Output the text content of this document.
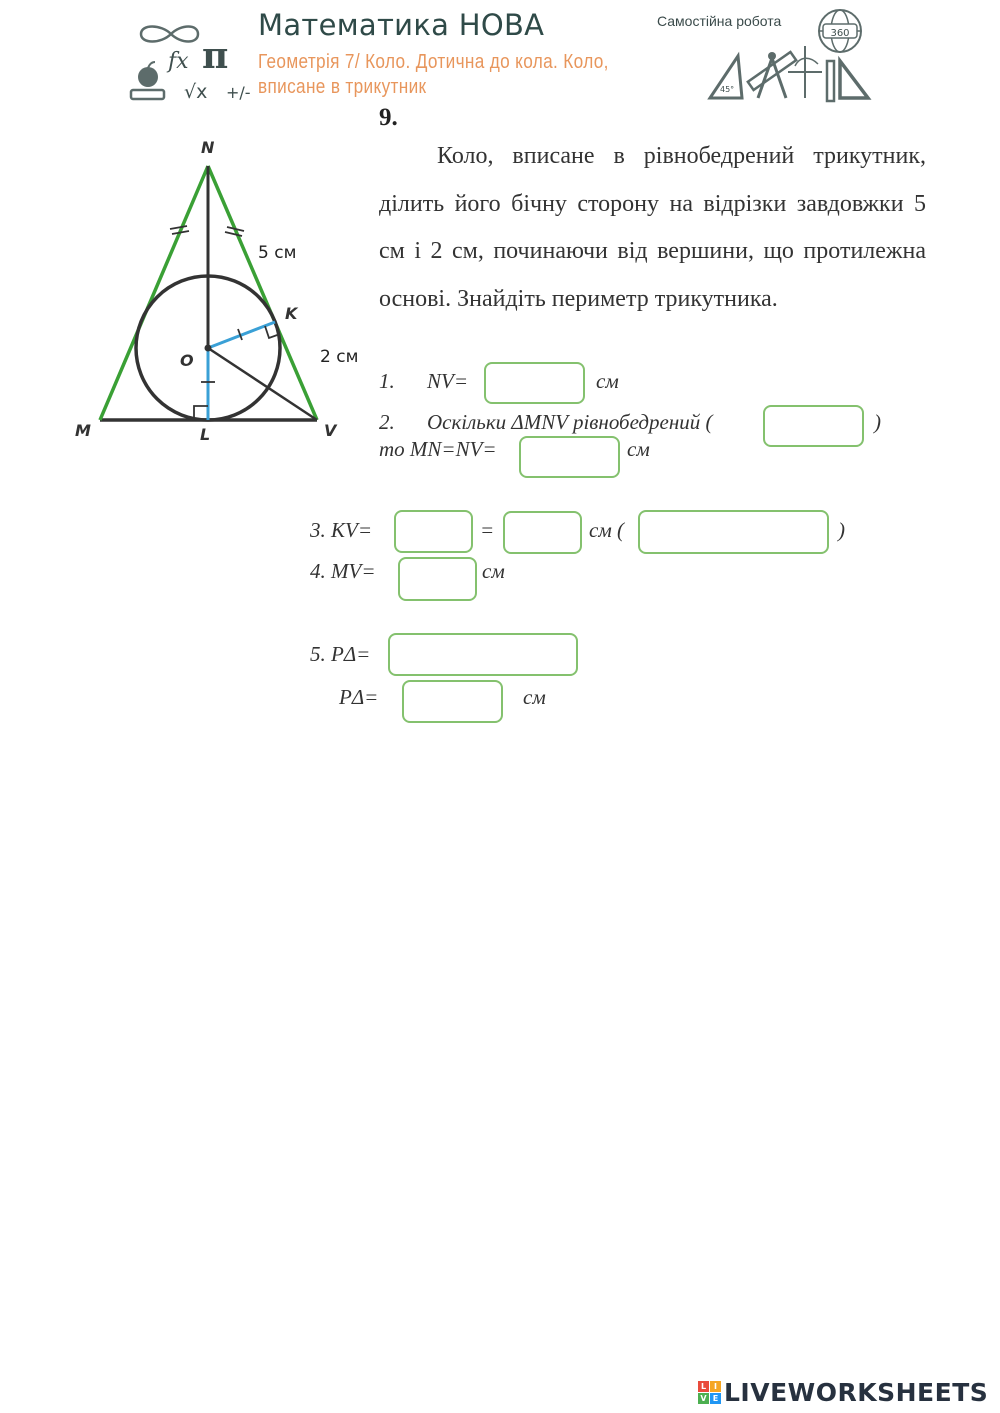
fx π
√x +/-
Математика НОВА
Геометрія 7/ Коло. Дотична до кола. Коло,
вписане в трикутник
Самостійна робота
360
45°
9.
Коло, вписане в рівнобедрений трикутник, ділить його бічну сторону на відрізки завдовжки 5 см і 2 см, починаючи від вершини, що протилежна основі. Знайдіть периметр трикутника.
N
M	L	V
K
O
5 см
2 см
1. NV=	см
2. Оскільки ΔMNV рівнобедрений (	)
то MN=NV=	см
3. KV=	=	см (	)
4. MV=	см
5. PΔ=
PΔ=	см
L I
V E LIVEWORKSHEETS
